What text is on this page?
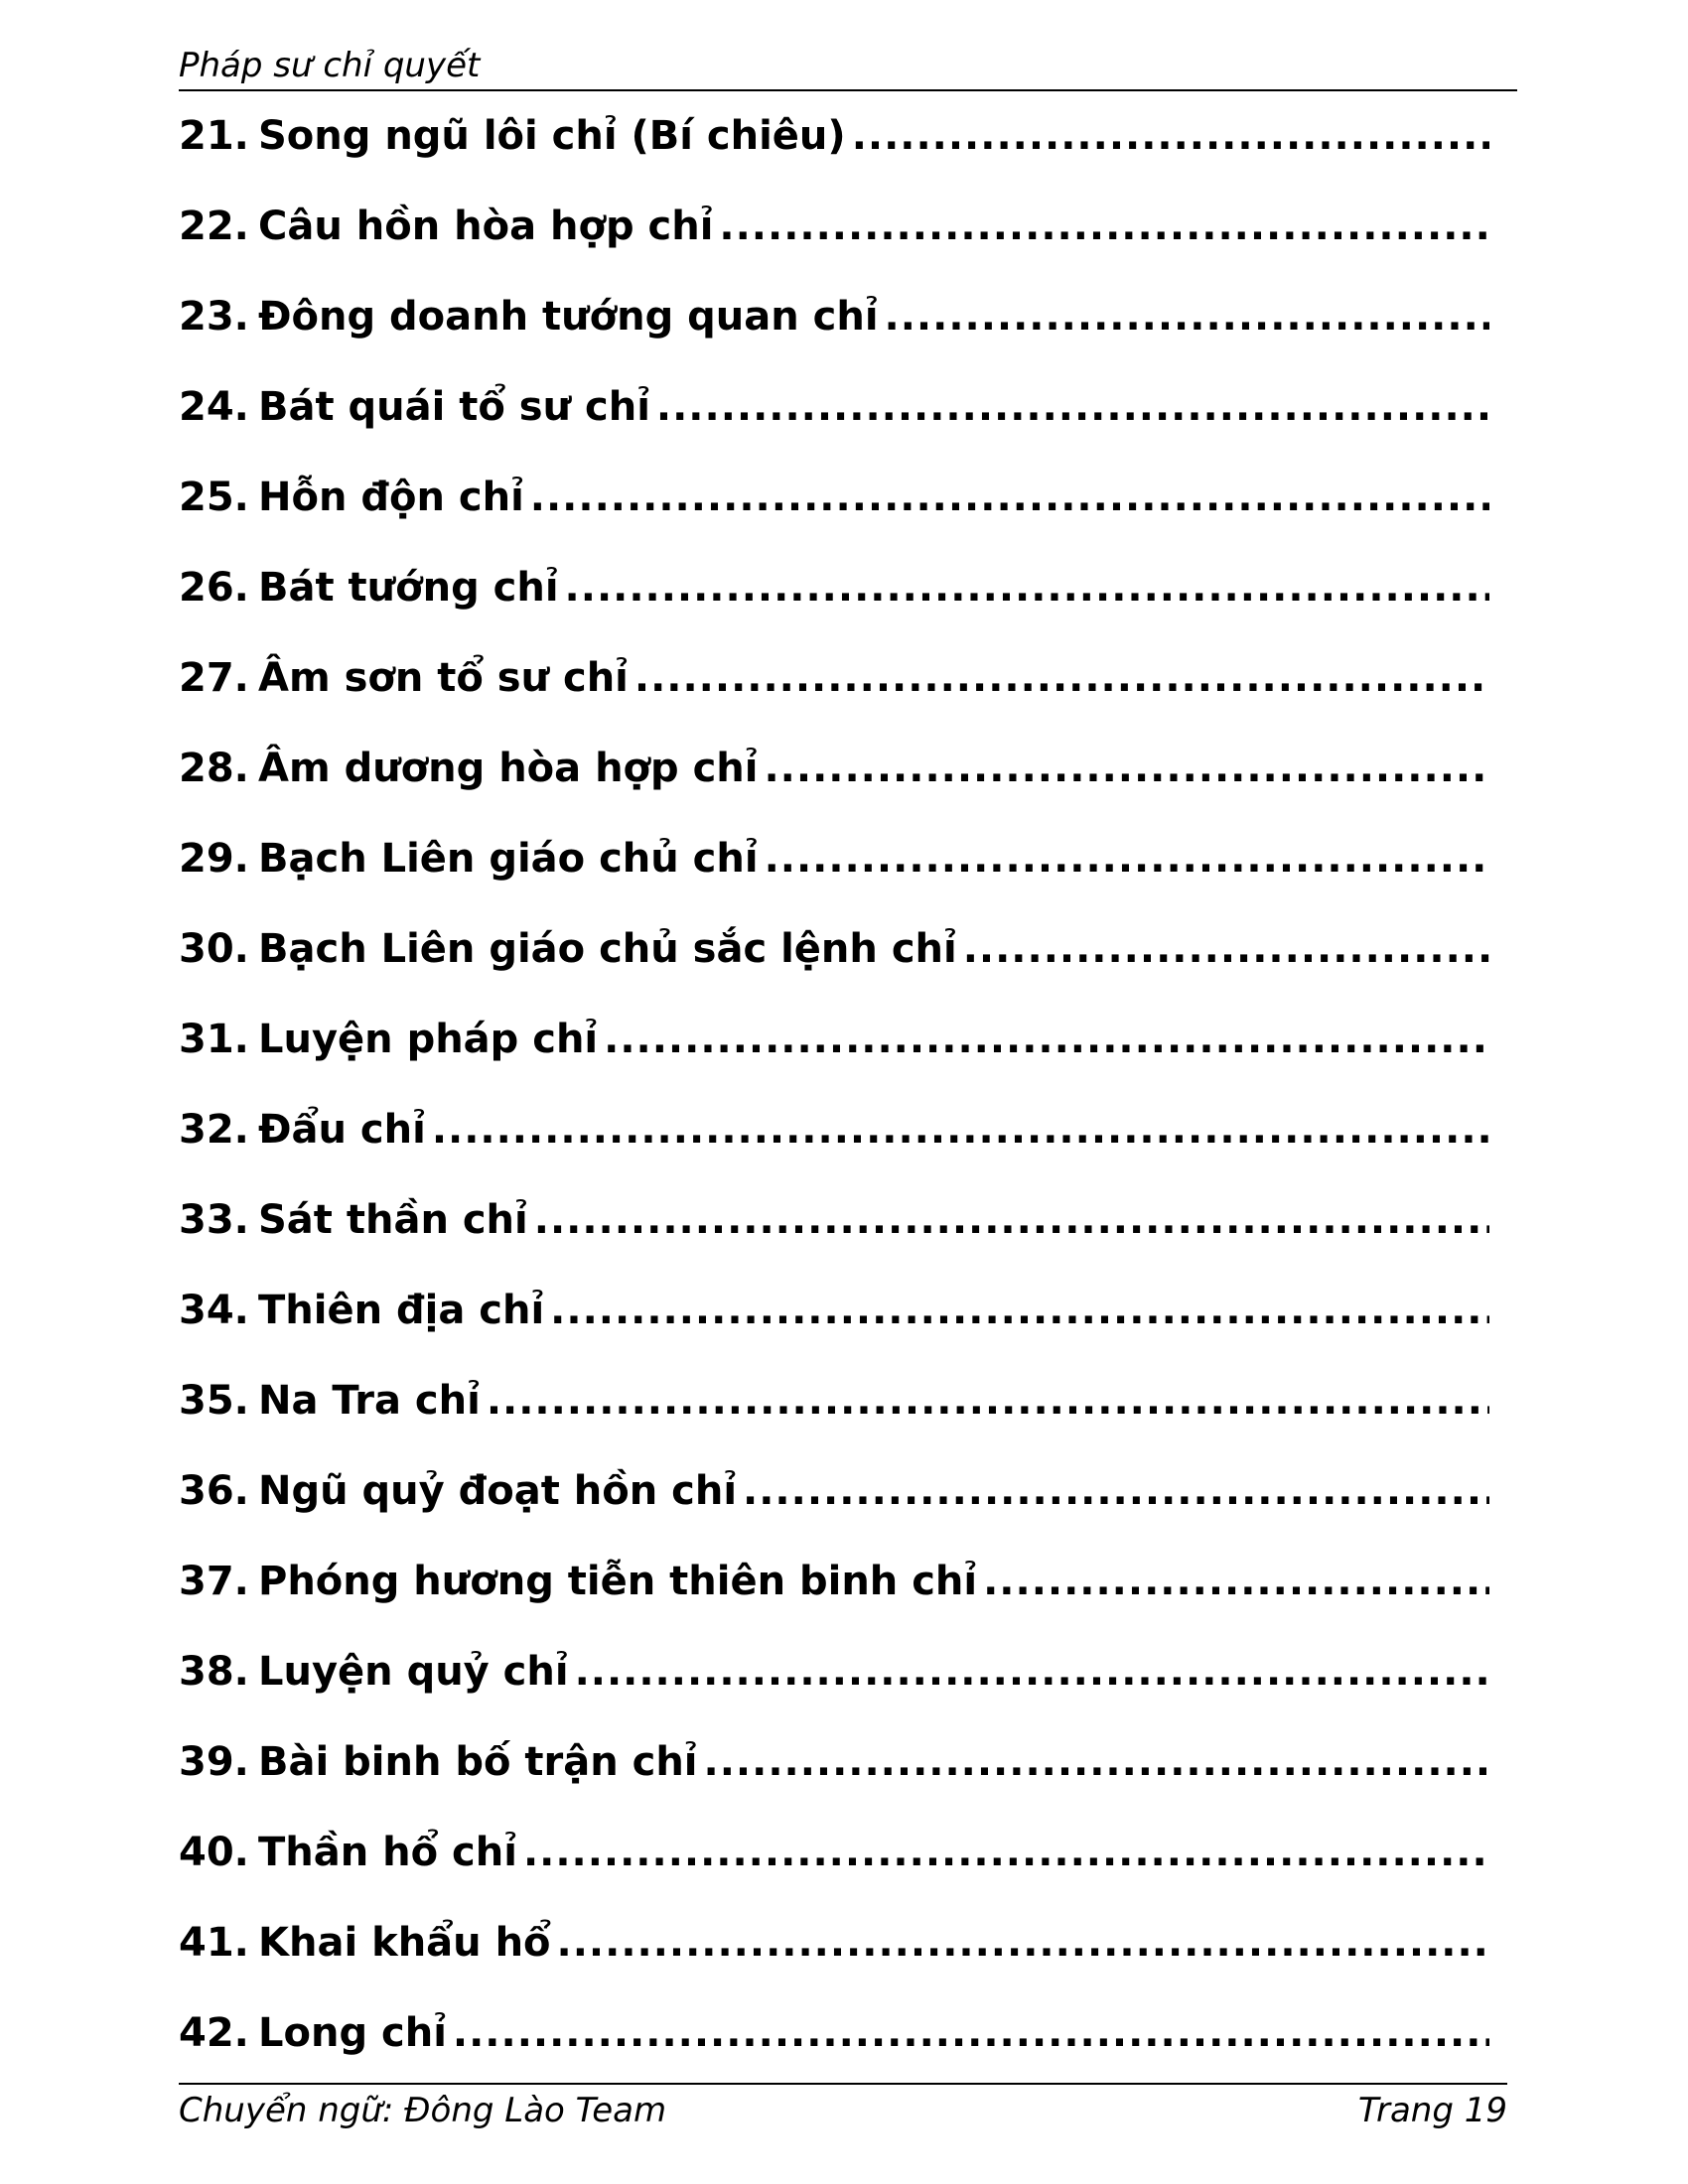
Pháp sư chỉ quyết
21. Song ngũ lôi chỉ (Bí chiêu)
.....
22. Câu hồn hòa hợp chỉ
.....
23. Đông doanh tướng quan chỉ
.....
24. Bát quái tổ sư chỉ
.....
25. Hỗn độn chỉ
.....
26. Bát tướng chỉ
.....
27. Âm sơn tổ sư chỉ
.....
28. Âm dương hòa hợp chỉ
.....
29. Bạch Liên giáo chủ chỉ
.....
30. Bạch Liên giáo chủ sắc lệnh chỉ
.....
31. Luyện pháp chỉ
.....
32. Đẩu chỉ
.....
33. Sát thần chỉ
.....
34. Thiên địa chỉ
.....
35. Na Tra chỉ
.....
36. Ngũ quỷ đoạt hồn chỉ
.....
37. Phóng hương tiễn thiên binh chỉ
.....
38. Luyện quỷ chỉ
.....
39. Bài binh bố trận chỉ
.....
40. Thần hổ chỉ
.....
41. Khai khẩu hổ
.....
42. Long chỉ
.....
Chuyển ngữ: Đông Lào Team	Trang 19
